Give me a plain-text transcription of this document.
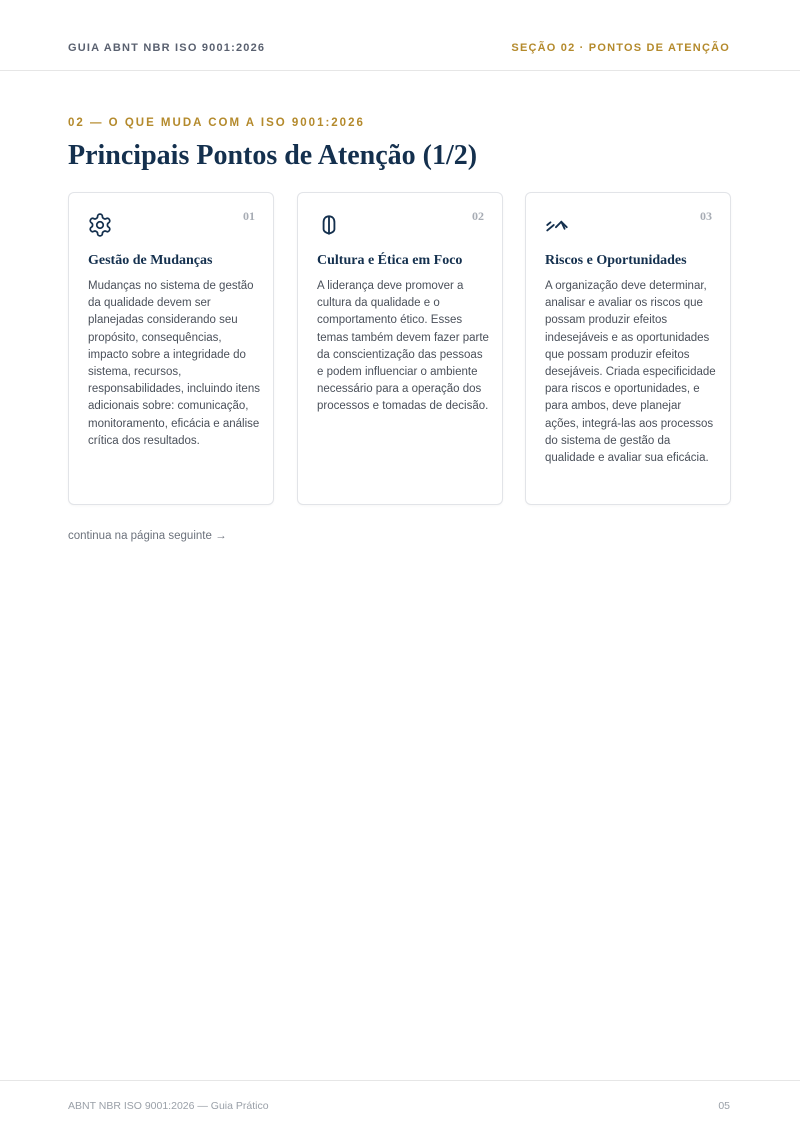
GUIA ABNT NBR ISO 9001:2026	SEÇÃO 02 · PONTOS DE ATENÇÃO
02 — O QUE MUDA COM A ISO 9001:2026
Principais Pontos de Atenção (1/2)
01
Gestão de Mudanças
Mudanças no sistema de gestão da qualidade devem ser planejadas considerando seu propósito, consequências, impacto sobre a integridade do sistema, recursos, responsabilidades, incluindo itens adicionais sobre: comunicação, monitoramento, eficácia e análise crítica dos resultados.
02
Cultura e Ética em Foco
A liderança deve promover a cultura da qualidade e o comportamento ético. Esses temas também devem fazer parte da conscientização das pessoas e podem influenciar o ambiente necessário para a operação dos processos e tomadas de decisão.
03
Riscos e Oportunidades
A organização deve determinar, analisar e avaliar os riscos que possam produzir efeitos indesejáveis e as oportunidades que possam produzir efeitos desejáveis. Criada especificidade para riscos e oportunidades, e para ambos, deve planejar ações, integrá-las aos processos do sistema de gestão da qualidade e avaliar sua eficácia.
continua na página seguinte →
ABNT NBR ISO 9001:2026 — Guia Prático	05
